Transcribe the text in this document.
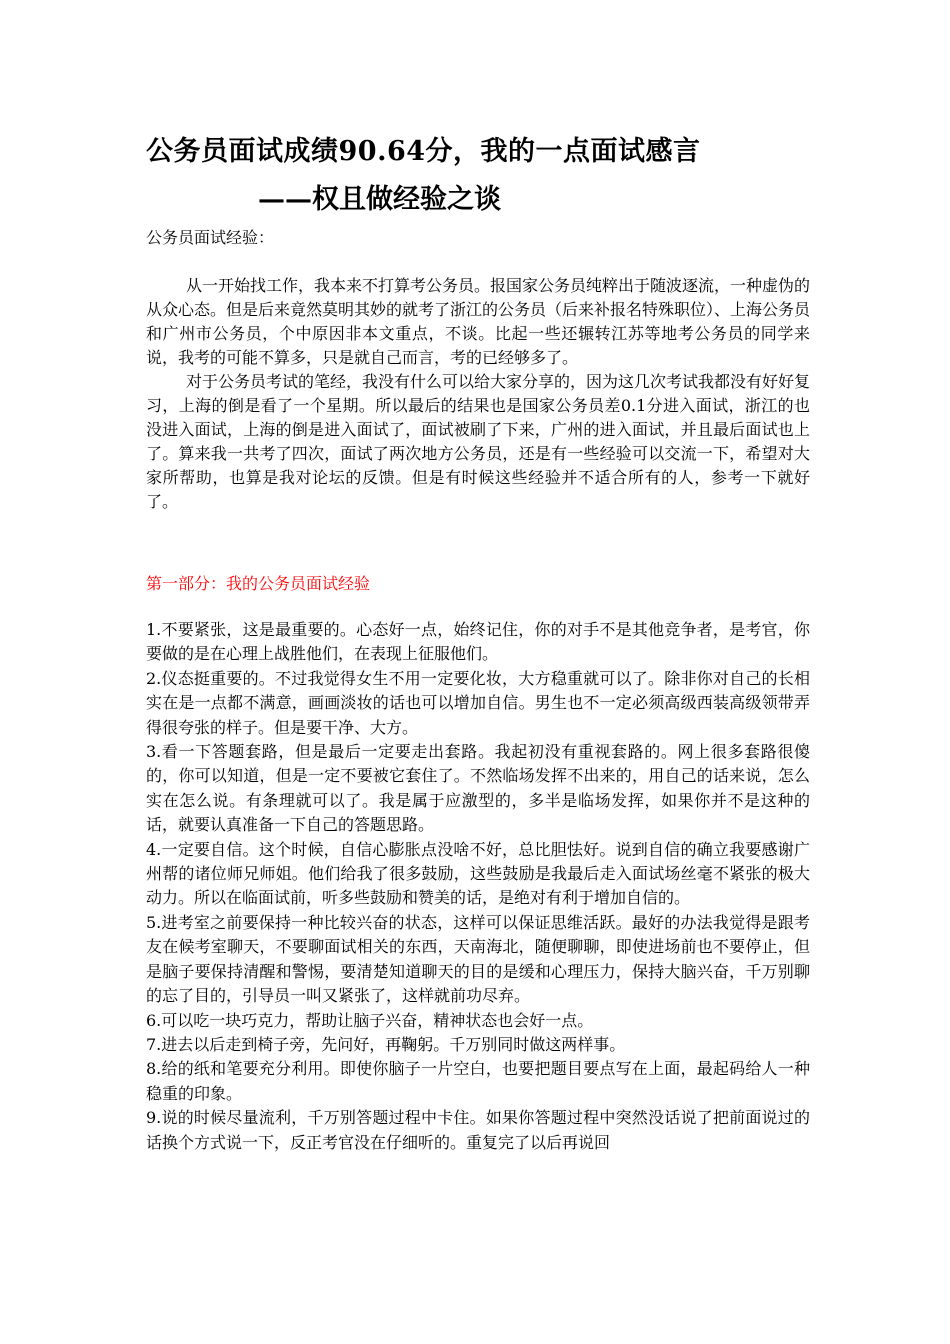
公务员面试成绩90.64分，我的一点面试感言
——权且做经验之谈
公务员面试经验：

从一开始找工作，我本来不打算考公务员。报国家公务员纯粹出于随波逐流，一种虚伪的从众心态。但是后来竟然莫明其妙的就考了浙江的公务员（后来补报名特殊职位）、上海公务员和广州市公务员，个中原因非本文重点，不谈。比起一些还辗转江苏等地考公务员的同学来说，我考的可能不算多，只是就自己而言，考的已经够多了。

对于公务员考试的笔经，我没有什么可以给大家分享的，因为这几次考试我都没有好好复习，上海的倒是看了一个星期。所以最后的结果也是国家公务员差0.1分进入面试，浙江的也没进入面试，上海的倒是进入面试了，面试被刷了下来，广州的进入面试，并且最后面试也上了。算来我一共考了四次，面试了两次地方公务员，还是有一些经验可以交流一下，希望对大家所帮助，也算是我对论坛的反馈。但是有时候这些经验并不适合所有的人，参考一下就好了。

第一部分：我的公务员面试经验

1.不要紧张，这是最重要的。心态好一点，始终记住，你的对手不是其他竞争者，是考官，你要做的是在心理上战胜他们，在表现上征服他们。

2.仪态挺重要的。不过我觉得女生不用一定要化妆，大方稳重就可以了。除非你对自己的长相实在是一点都不满意，画画淡妆的话也可以增加自信。男生也不一定必须高级西装高级领带弄得很夸张的样子。但是要干净、大方。

3.看一下答题套路，但是最后一定要走出套路。我起初没有重视套路的。网上很多套路很傻的，你可以知道，但是一定不要被它套住了。不然临场发挥不出来的，用自己的话来说，怎么实在怎么说。有条理就可以了。我是属于应激型的，多半是临场发挥，如果你并不是这种的话，就要认真准备一下自己的答题思路。

4.一定要自信。这个时候，自信心膨胀点没啥不好，总比胆怯好。说到自信的确立我要感谢广州帮的诸位师兄师姐。他们给我了很多鼓励，这些鼓励是我最后走入面试场丝毫不紧张的极大动力。所以在临面试前，听多些鼓励和赞美的话，是绝对有利于增加自信的。

5.进考室之前要保持一种比较兴奋的状态，这样可以保证思维活跃。最好的办法我觉得是跟考友在候考室聊天，不要聊面试相关的东西，天南海北，随便聊聊，即使进场前也不要停止，但是脑子要保持清醒和警惕，要清楚知道聊天的目的是缓和心理压力，保持大脑兴奋，千万别聊的忘了目的，引导员一叫又紧张了，这样就前功尽弃。

6.可以吃一块巧克力，帮助让脑子兴奋，精神状态也会好一点。

7.进去以后走到椅子旁，先问好，再鞠躬。千万别同时做这两样事。

8.给的纸和笔要充分利用。即使你脑子一片空白，也要把题目要点写在上面，最起码给人一种稳重的印象。

9.说的时候尽量流利，千万别答题过程中卡住。如果你答题过程中突然没话说了把前面说过的话换个方式说一下，反正考官没在仔细听的。重复完了以后再说回
